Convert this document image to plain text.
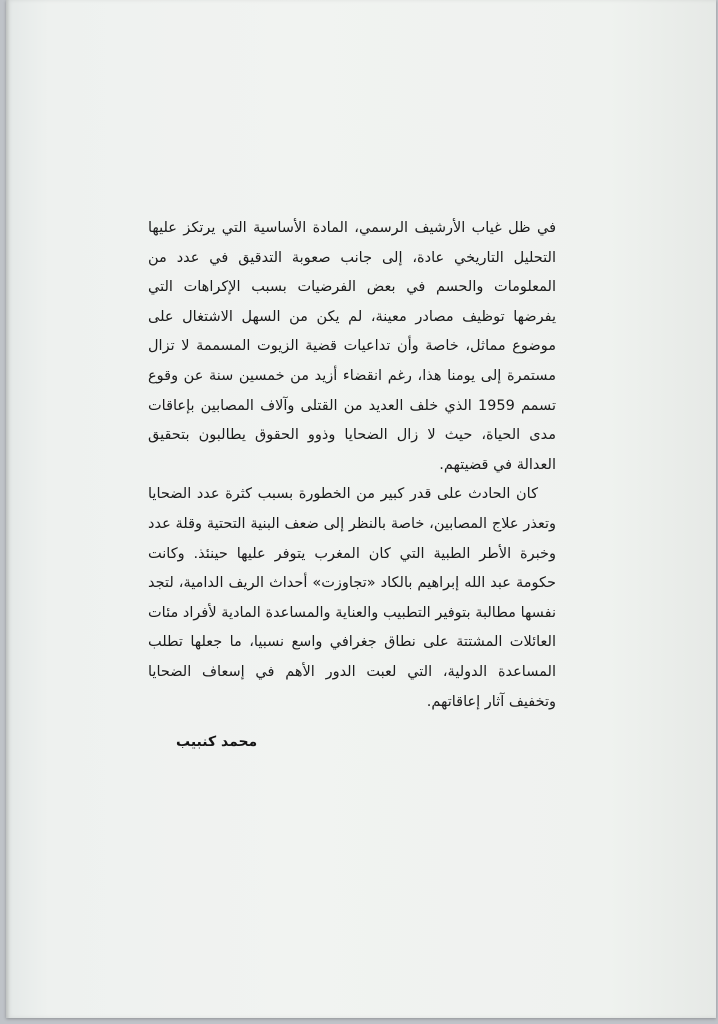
في ظل غياب الأرشيف الرسمي، المادة الأساسية التي يرتكز عليها التحليل التاريخي عادة، إلى جانب صعوبة التدقيق في عدد من المعلومات والحسم في بعض الفرضيات بسبب الإكراهات التي يفرضها توظيف مصادر معينة، لم يكن من السهل الاشتغال على موضوع مماثل، خاصة وأن تداعيات قضية الزيوت المسممة لا تزال مستمرة إلى يومنا هذا، رغم انقضاء أزيد من خمسين سنة عن وقوع تسمم 1959 الذي خلف العديد من القتلى وآلاف المصابين بإعاقات مدى الحياة، حيث لا زال الضحايا وذوو الحقوق يطالبون بتحقيق العدالة في قضيتهم.

كان الحادث على قدر كبير من الخطورة بسبب كثرة عدد الضحايا وتعذر علاج المصابين، خاصة بالنظر إلى ضعف البنية التحتية وقلة عدد وخبرة الأطر الطبية التي كان المغرب يتوفر عليها حينئذ. وكانت حكومة عبد الله إبراهيم بالكاد «تجاوزت» أحداث الريف الدامية، لتجد نفسها مطالبة بتوفير التطبيب والعناية والمساعدة المادية لأفراد مئات العائلات المشتتة على نطاق جغرافي واسع نسبيا، ما جعلها تطلب المساعدة الدولية، التي لعبت الدور الأهم في إسعاف الضحايا وتخفيف آثار إعاقاتهم.

محمد كنبيب
